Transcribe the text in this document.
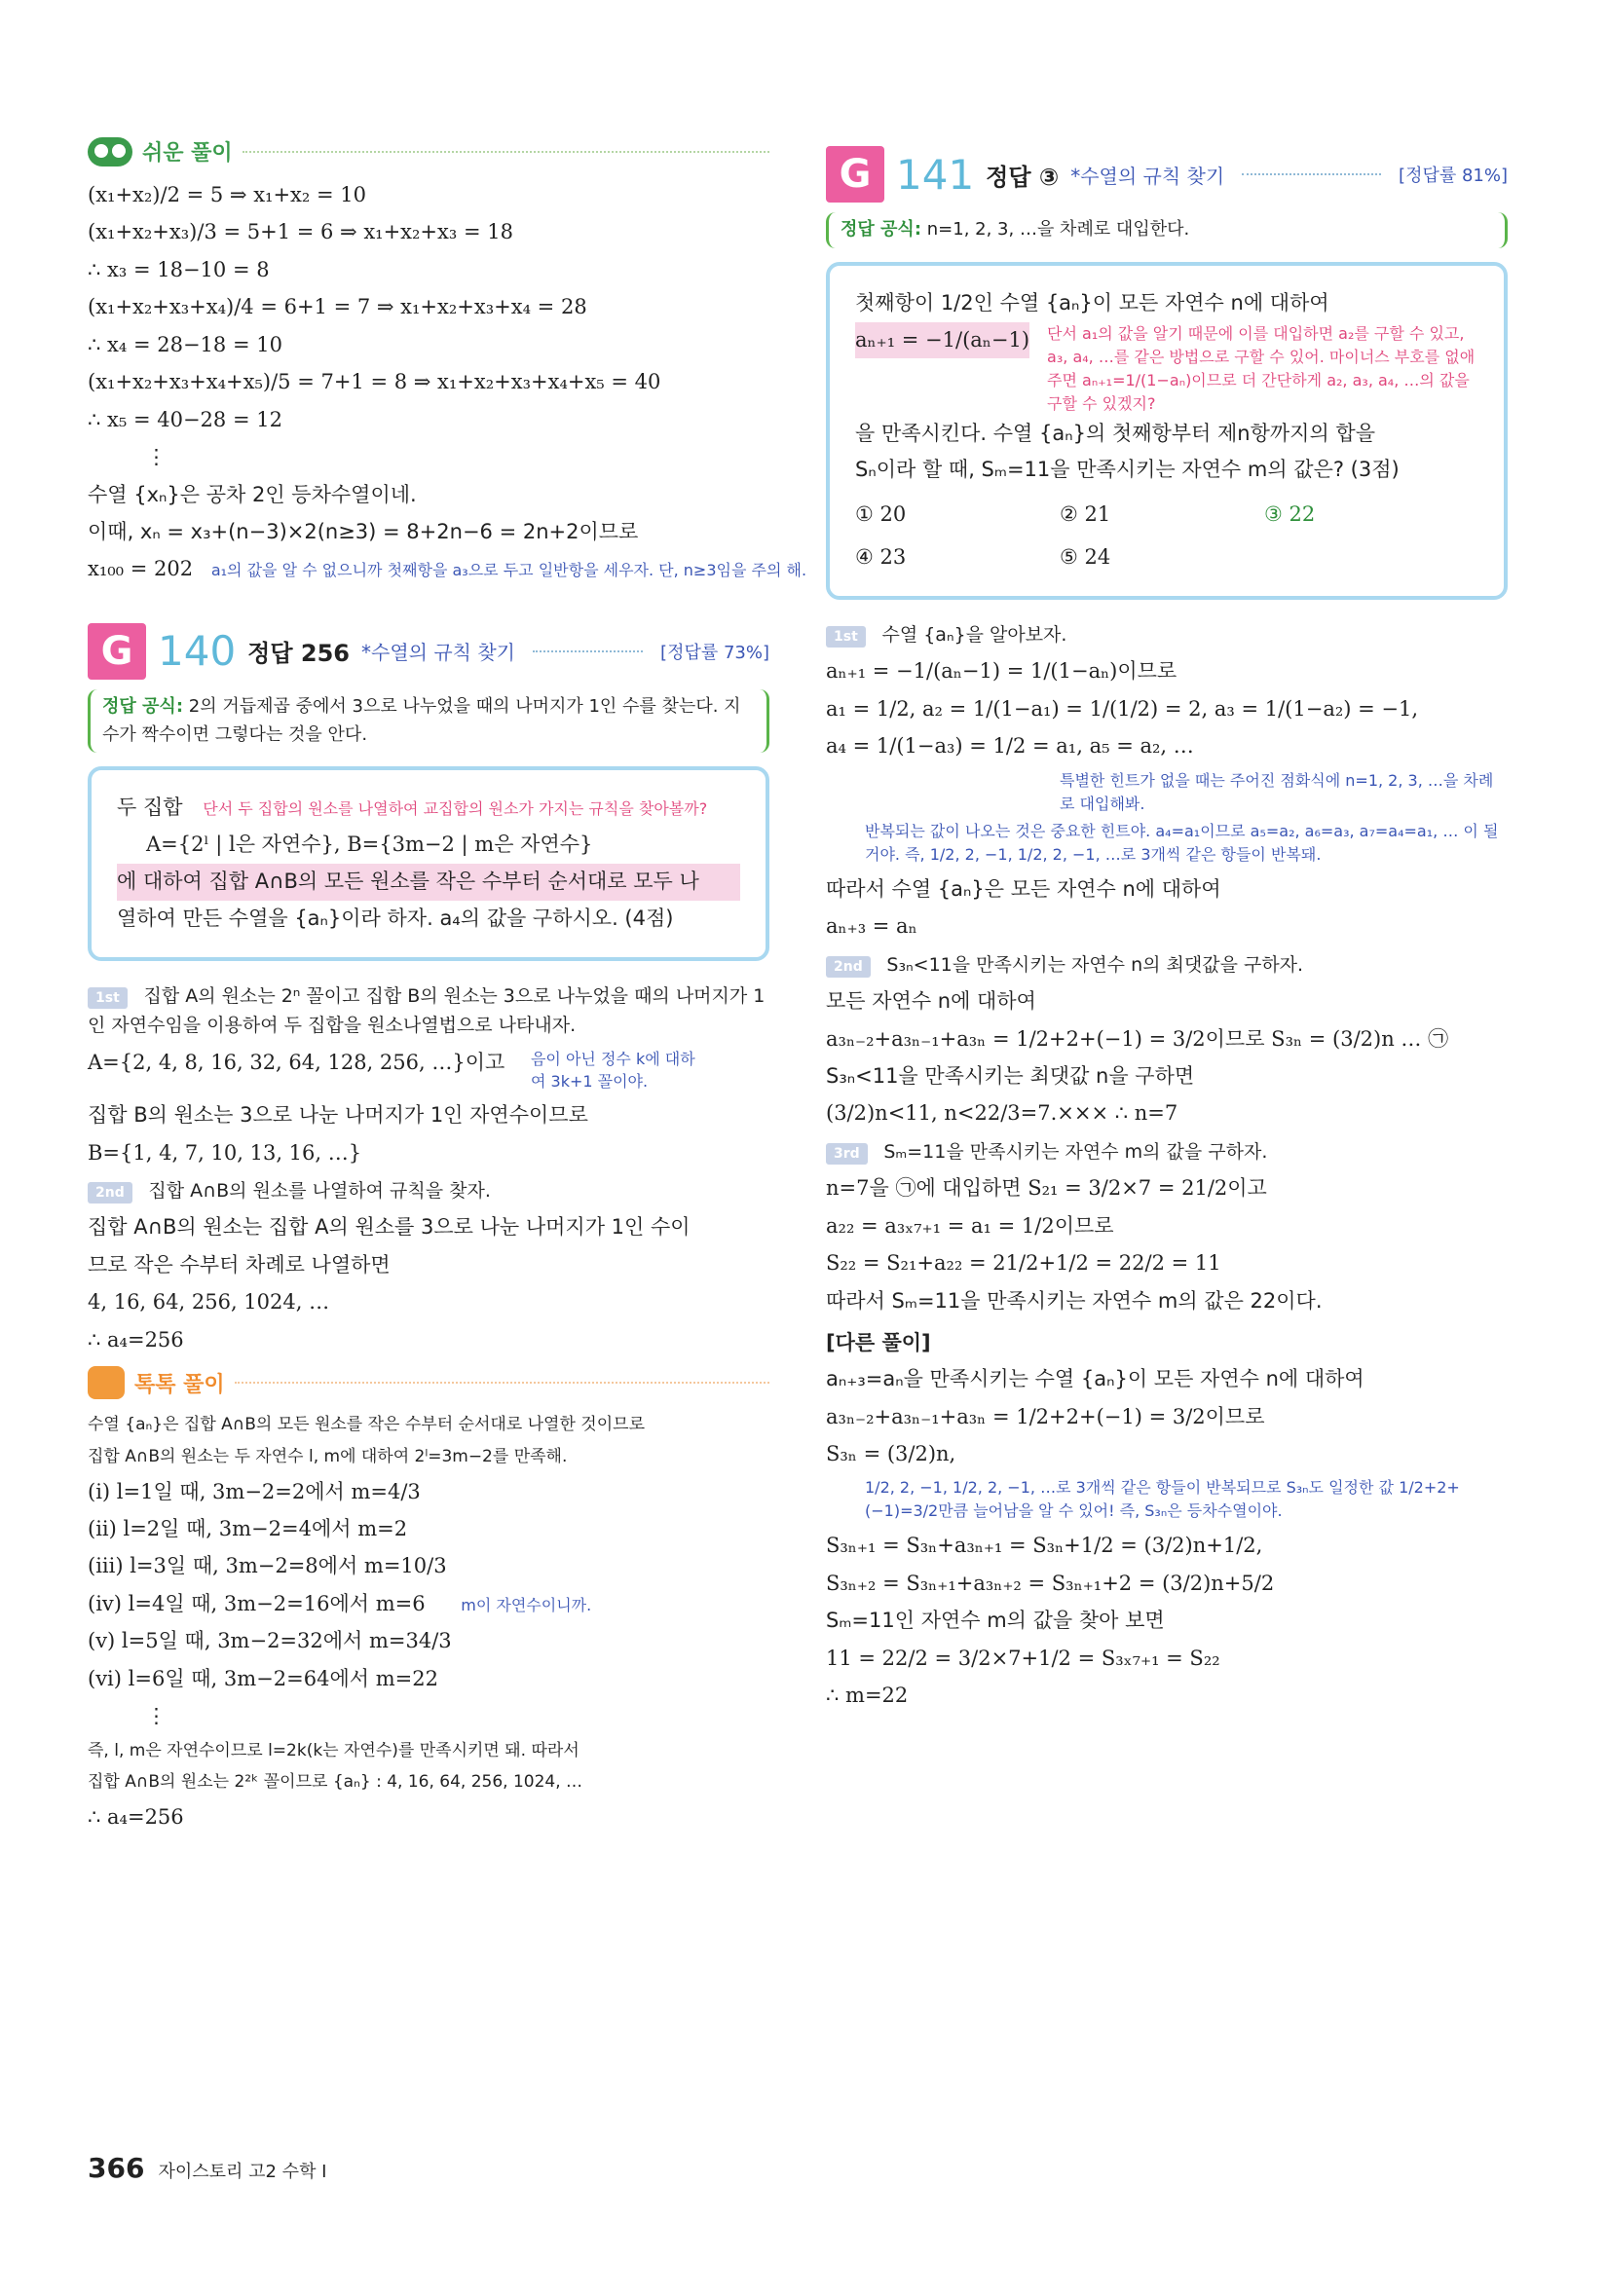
쉬운 풀이
(x₁+x₂)/2 = 5 ⇒ x₁+x₂ = 10
(x₁+x₂+x₃)/3 = 5+1 = 6 ⇒ x₁+x₂+x₃ = 18
∴ x₃ = 18−10 = 8
(x₁+x₂+x₃+x₄)/4 = 6+1 = 7 ⇒ x₁+x₂+x₃+x₄ = 28
∴ x₄ = 28−18 = 10
(x₁+x₂+x₃+x₄+x₅)/5 = 7+1 = 8 ⇒ x₁+x₂+x₃+x₄+x₅ = 40
∴ x₅ = 40−28 = 12
⋮
수열 {xₙ}은 공차 2인 등차수열이네.
이때, xₙ = x₃+(n−3)×2(n≥3) = 8+2n−6 = 2n+2이므로
x₁₀₀ = 202 a₁의 값을 알 수 없으니까 첫째항을 a₃으로 두고 일반항을 세우자. 단, n≥3임을 주의 해.
G 140 정답 256 *수열의 규칙 찾기	[정답률 73%]
정답 공식: 2의 거듭제곱 중에서 3으로 나누었을 때의 나머지가 1인 수를 찾는다. 지수가 짝수이면 그렇다는 것을 안다.
두 집합 단서 두 집합의 원소를 나열하여 교집합의 원소가 가지는 규칙을 찾아볼까?
A={2ˡ | l은 자연수}, B={3m−2 | m은 자연수}
에 대하여 집합 A∩B의 모든 원소를 작은 수부터 순서대로 모두 나
열하여 만든 수열을 {aₙ}이라 하자. a₄의 값을 구하시오. (4점)
1st 집합 A의 원소는 2ⁿ 꼴이고 집합 B의 원소는 3으로 나누었을 때의 나머지가 1인 자연수임을 이용하여 두 집합을 원소나열법으로 나타내자.
A={2, 4, 8, 16, 32, 64, 128, 256, …}이고 음이 아닌 정수 k에 대하여 3k+1 꼴이야.
집합 B의 원소는 3으로 나눈 나머지가 1인 자연수이므로
B={1, 4, 7, 10, 13, 16, …}
2nd 집합 A∩B의 원소를 나열하여 규칙을 찾자.
집합 A∩B의 원소는 집합 A의 원소를 3으로 나눈 나머지가 1인 수이
므로 작은 수부터 차례로 나열하면
4, 16, 64, 256, 1024, …
∴ a₄=256
톡톡 풀이
수열 {aₙ}은 집합 A∩B의 모든 원소를 작은 수부터 순서대로 나열한 것이므로
집합 A∩B의 원소는 두 자연수 l, m에 대하여 2ˡ=3m−2를 만족해.
(i) l=1일 때, 3m−2=2에서 m=4/3
(ii) l=2일 때, 3m−2=4에서 m=2
(iii) l=3일 때, 3m−2=8에서 m=10/3
(iv) l=4일 때, 3m−2=16에서 m=6 m이 자연수이니까.
(v) l=5일 때, 3m−2=32에서 m=34/3
(vi) l=6일 때, 3m−2=64에서 m=22
⋮
즉, l, m은 자연수이므로 l=2k(k는 자연수)를 만족시키면 돼. 따라서
집합 A∩B의 원소는 2²ᵏ 꼴이므로 {aₙ} : 4, 16, 64, 256, 1024, …
∴ a₄=256
G 141 정답 ③ *수열의 규칙 찾기	[정답률 81%]
정답 공식: n=1, 2, 3, …을 차례로 대입한다.
첫째항이 1/2인 수열 {aₙ}이 모든 자연수 n에 대하여
aₙ₊₁ = −1/(aₙ−1) 단서 a₁의 값을 알기 때문에 이를 대입하면 a₂를 구할 수 있고, a₃, a₄, …를 같은 방법으로 구할 수 있어. 마이너스 부호를 없애주면 aₙ₊₁=1/(1−aₙ)이므로 더 간단하게 a₂, a₃, a₄, …의 값을 구할 수 있겠지?
을 만족시킨다. 수열 {aₙ}의 첫째항부터 제n항까지의 합을
Sₙ이라 할 때, Sₘ=11을 만족시키는 자연수 m의 값은? (3점)
① 20	② 21	③ 22
④ 23	⑤ 24
1st 수열 {aₙ}을 알아보자.
aₙ₊₁ = −1/(aₙ−1) = 1/(1−aₙ)이므로
a₁ = 1/2, a₂ = 1/(1−a₁) = 1/(1/2) = 2, a₃ = 1/(1−a₂) = −1,
a₄ = 1/(1−a₃) = 1/2 = a₁, a₅ = a₂, …
특별한 힌트가 없을 때는 주어진 점화식에 n=1, 2, 3, …을 차례로 대입해봐.
반복되는 값이 나오는 것은 중요한 힌트야. a₄=a₁이므로 a₅=a₂, a₆=a₃, a₇=a₄=a₁, … 이 될거야. 즉, 1/2, 2, −1, 1/2, 2, −1, …로 3개씩 같은 항들이 반복돼.
따라서 수열 {aₙ}은 모든 자연수 n에 대하여
aₙ₊₃ = aₙ
2nd S₃ₙ<11을 만족시키는 자연수 n의 최댓값을 구하자.
모든 자연수 n에 대하여
a₃ₙ₋₂+a₃ₙ₋₁+a₃ₙ = 1/2+2+(−1) = 3/2이므로 S₃ₙ = (3/2)n … ㉠
S₃ₙ<11을 만족시키는 최댓값 n을 구하면
(3/2)n<11, n<22/3=7.××× ∴ n=7
3rd Sₘ=11을 만족시키는 자연수 m의 값을 구하자.
n=7을 ㉠에 대입하면 S₂₁ = 3/2×7 = 21/2이고
a₂₂ = a₃ₓ₇₊₁ = a₁ = 1/2이므로
S₂₂ = S₂₁+a₂₂ = 21/2+1/2 = 22/2 = 11
따라서 Sₘ=11을 만족시키는 자연수 m의 값은 22이다.
[다른 풀이]
aₙ₊₃=aₙ을 만족시키는 수열 {aₙ}이 모든 자연수 n에 대하여
a₃ₙ₋₂+a₃ₙ₋₁+a₃ₙ = 1/2+2+(−1) = 3/2이므로
S₃ₙ = (3/2)n,
1/2, 2, −1, 1/2, 2, −1, …로 3개씩 같은 항들이 반복되므로 S₃ₙ도 일정한 값 1/2+2+(−1)=3/2만큼 늘어남을 알 수 있어! 즉, S₃ₙ은 등차수열이야.
S₃ₙ₊₁ = S₃ₙ+a₃ₙ₊₁ = S₃ₙ+1/2 = (3/2)n+1/2,
S₃ₙ₊₂ = S₃ₙ₊₁+a₃ₙ₊₂ = S₃ₙ₊₁+2 = (3/2)n+5/2
Sₘ=11인 자연수 m의 값을 찾아 보면
11 = 22/2 = 3/2×7+1/2 = S₃ₓ₇₊₁ = S₂₂
∴ m=22
366 자이스토리 고2 수학 I
